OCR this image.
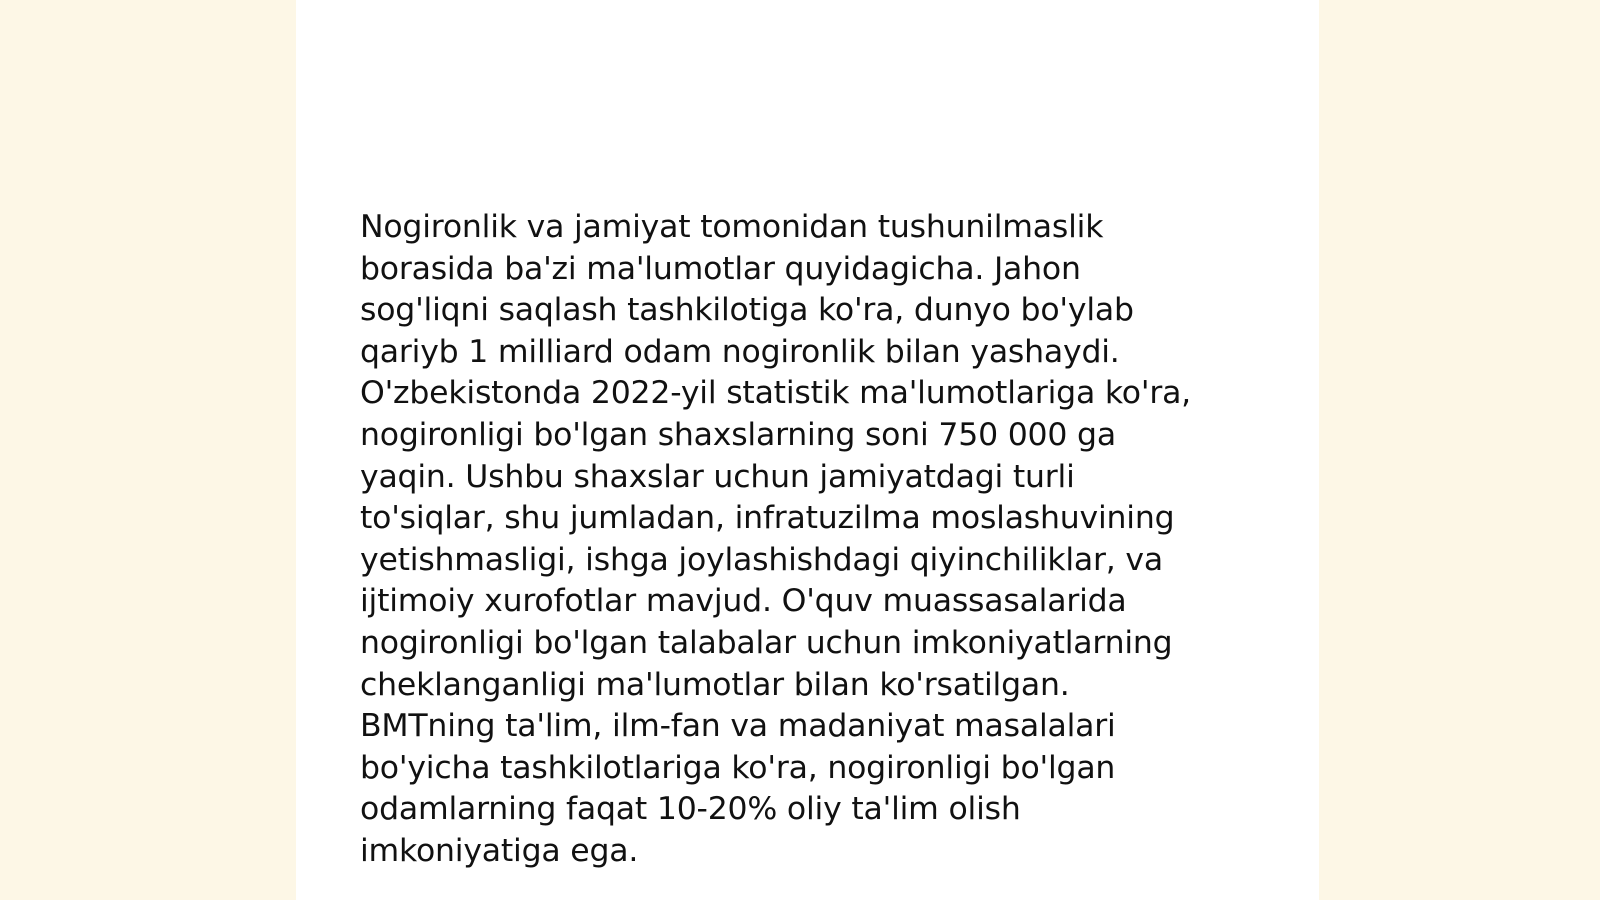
Nogironlik va jamiyat tomonidan tushunilmaslik
borasida ba'zi ma'lumotlar quyidagicha. Jahon
sog'liqni saqlash tashkilotiga ko'ra, dunyo bo'ylab
qariyb 1 milliard odam nogironlik bilan yashaydi.
O'zbekistonda 2022-yil statistik ma'lumotlariga ko'ra,
nogironligi bo'lgan shaxslarning soni 750 000 ga
yaqin. Ushbu shaxslar uchun jamiyatdagi turli
to'siqlar, shu jumladan, infratuzilma moslashuvining
yetishmasligi, ishga joylashishdagi qiyinchiliklar, va
ijtimoiy xurofotlar mavjud. O'quv muassasalarida
nogironligi bo'lgan talabalar uchun imkoniyatlarning
cheklanganligi ma'lumotlar bilan ko'rsatilgan.
BMTning ta'lim, ilm-fan va madaniyat masalalari
bo'yicha tashkilotlariga ko'ra, nogironligi bo'lgan
odamlarning faqat 10-20% oliy ta'lim olish
imkoniyatiga ega.
